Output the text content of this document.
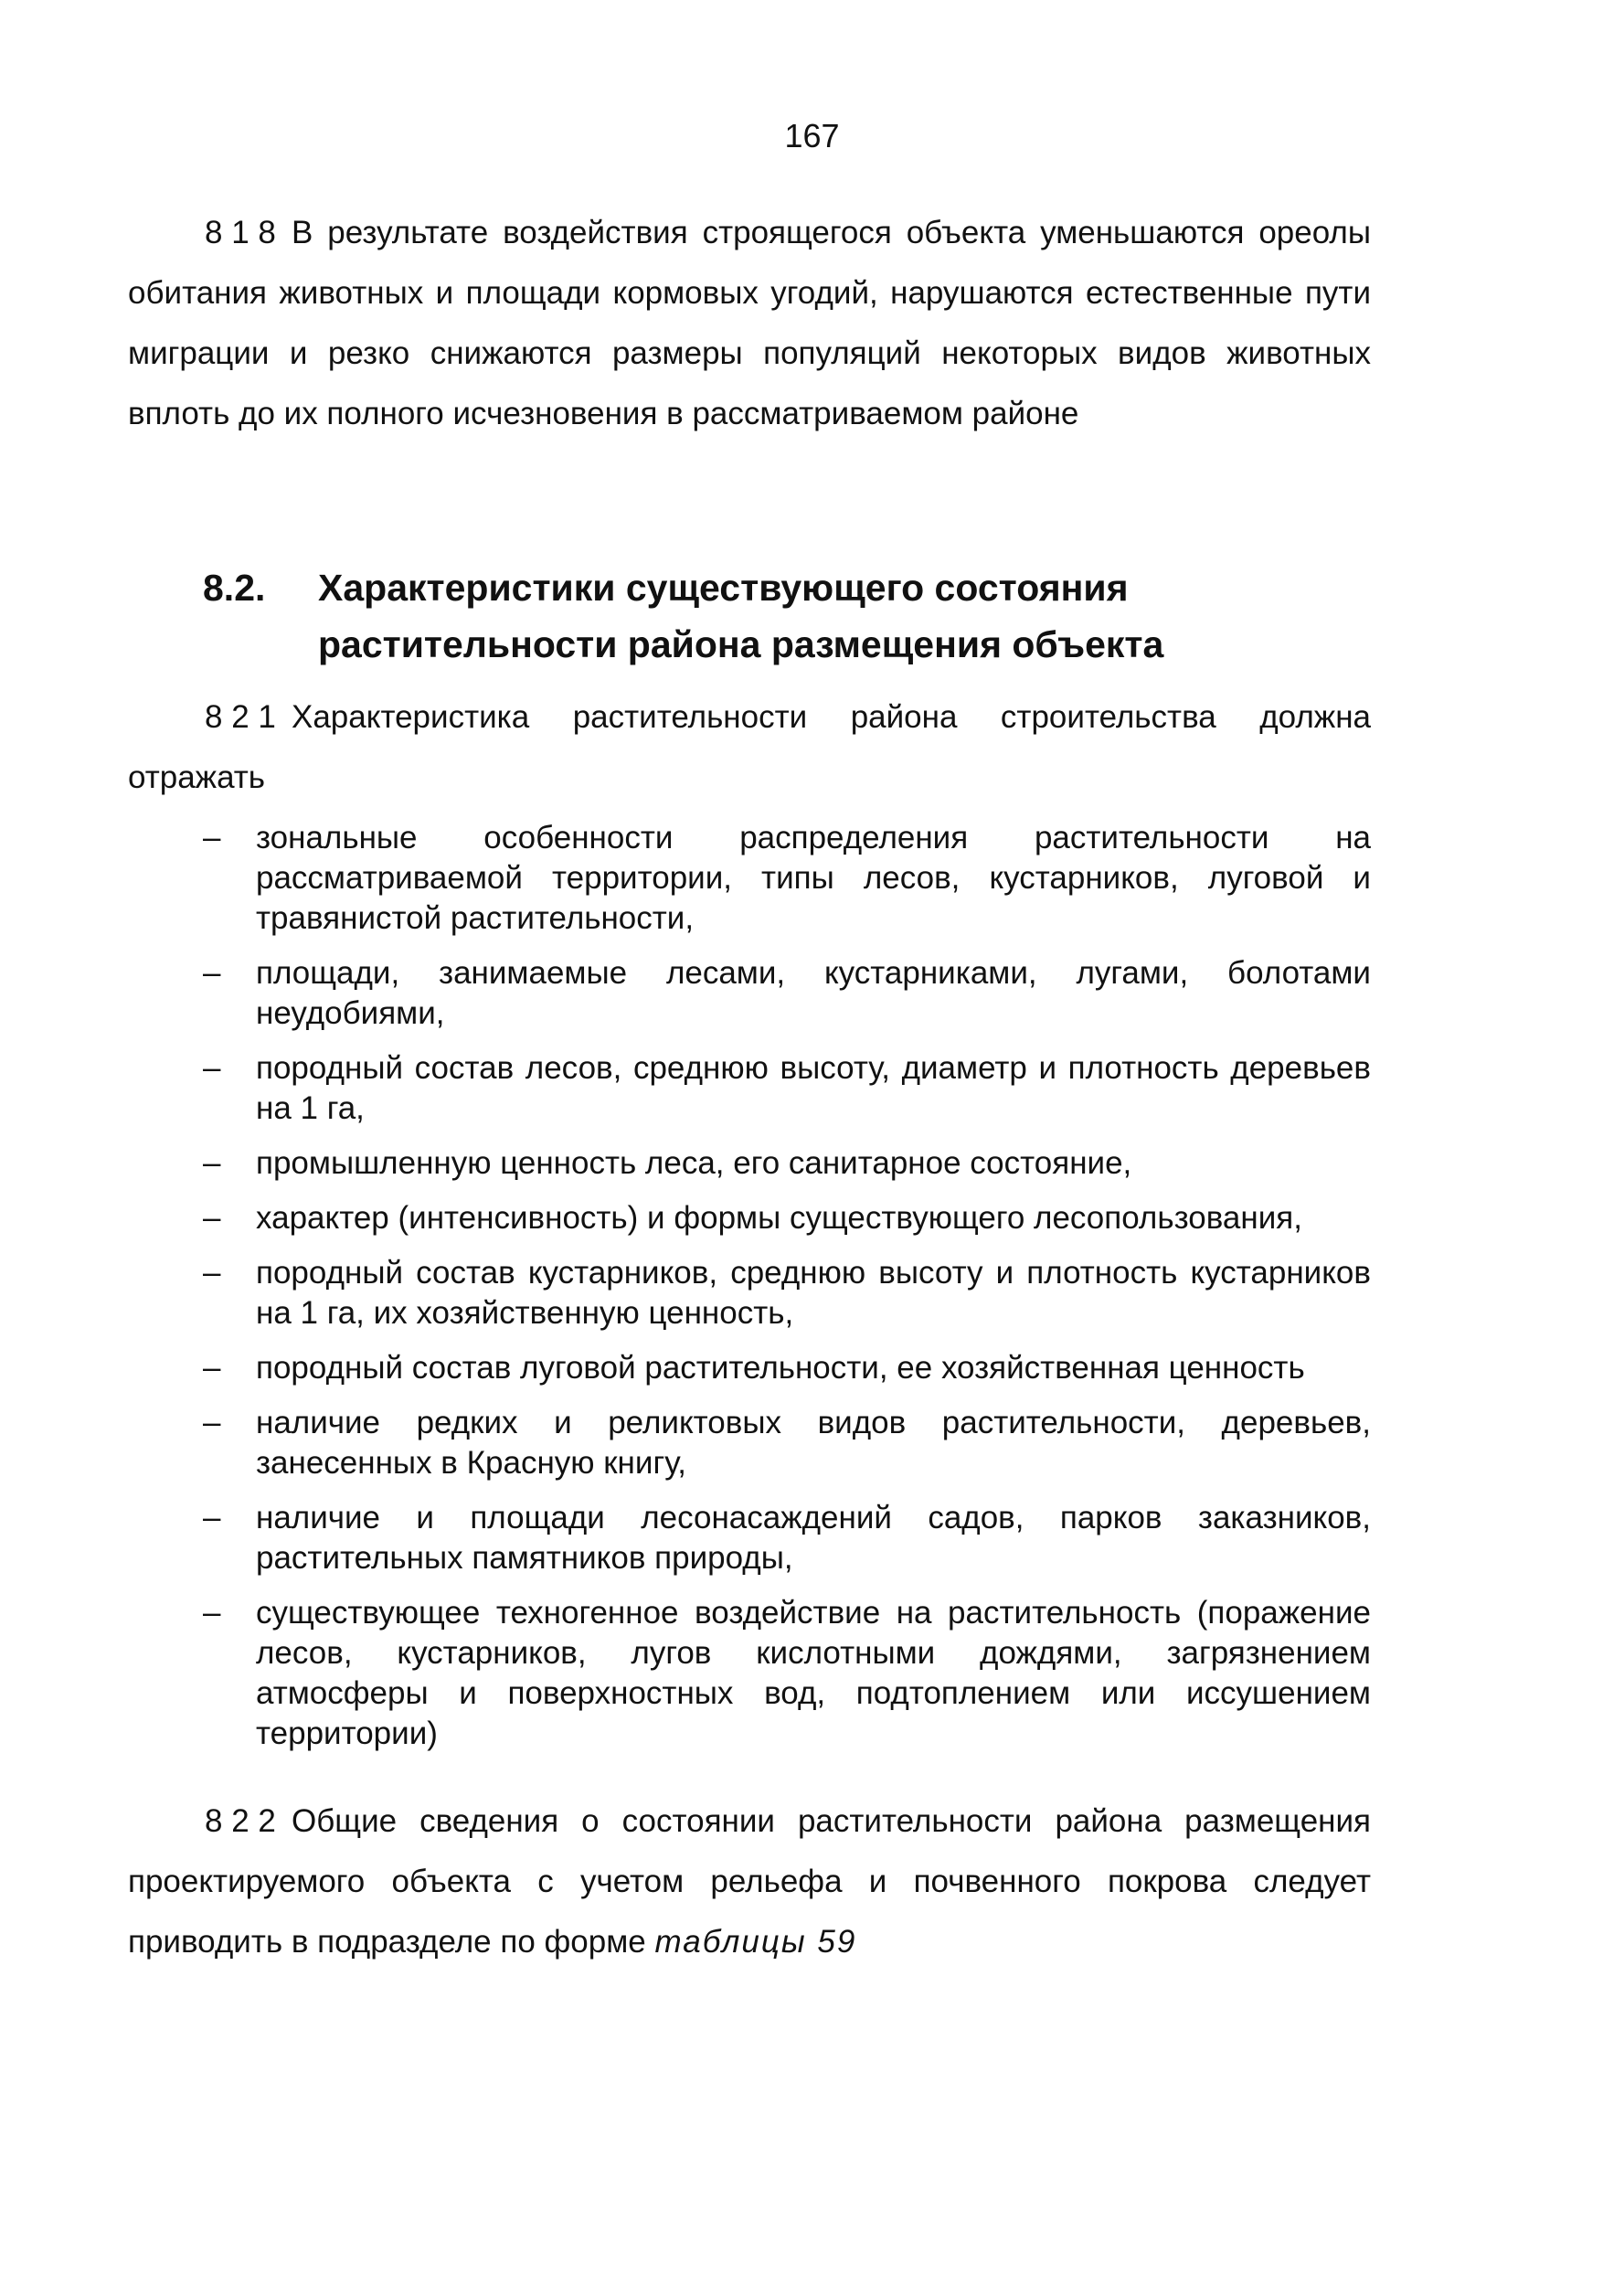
167

8 1 8 В результате воздействия строящегося объекта уменьшаются ореолы обитания животных и площади кормовых угодий, нарушаются естественные пути миграции и резко снижаются размеры популяций некоторых видов животных вплоть до их полного исчезновения в рассматриваемом районе

8.2. Характеристики существующего состояния растительности района размещения объекта

8 2 1 Характеристика растительности района строительства должна отражать

– зональные особенности распределения растительности на рассматриваемой территории, типы лесов, кустарников, луговой и травянистой растительности,
– площади, занимаемые лесами, кустарниками, лугами, болотами неудобиями,
– породный состав лесов, среднюю высоту, диаметр и плотность деревьев на 1 га,
– промышленную ценность леса, его санитарное состояние,
– характер (интенсивность) и формы существующего лесопользования,
– породный состав кустарников, среднюю высоту и плотность кустарников на 1 га, их хозяйственную ценность,
– породный состав луговой растительности, ее хозяйственная ценность
– наличие редких и реликтовых видов растительности, деревьев, занесенных в Красную книгу,
– наличие и площади лесонасаждений садов, парков заказников, растительных памятников природы,
– существующее техногенное воздействие на растительность (поражение лесов, кустарников, лугов кислотными дождями, загрязнением атмосферы и поверхностных вод, подтоплением или иссушением территории)

8 2 2 Общие сведения о состоянии растительности района размещения проектируемого объекта с учетом рельефа и почвенного покрова следует приводить в подразделе по форме таблицы 59
